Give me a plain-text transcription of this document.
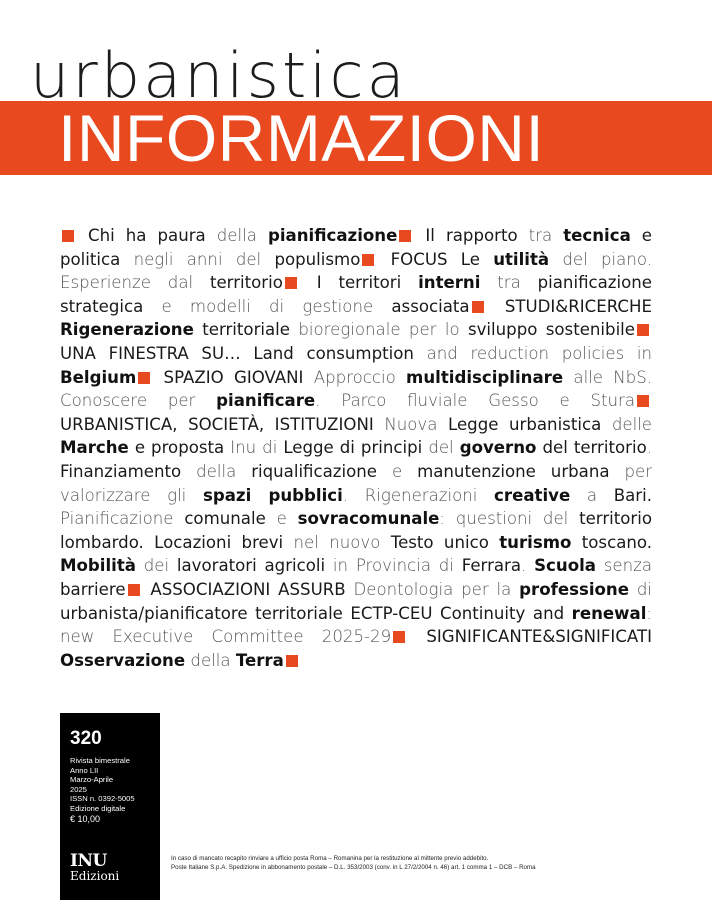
urbanistica
INFORMAZIONI
Chi ha paura della pianificazione Il rapporto tra tecnica e politica negli anni del populismo FOCUS Le utilità del piano. Esperienze dal territorio I territori interni tra pianificazione strategica e modelli di gestione associata STUDI&RICERCHE Rigenerazione territoriale bioregionale per lo sviluppo sostenibile UNA FINESTRA SU… Land consumption and reduction policies in Belgium SPAZIO GIOVANI Approccio multidisciplinare alle NbS. Conoscere per pianificare. Parco fluviale Gesso e Stura URBANISTICA, SOCIETÀ, ISTITUZIONI Nuova Legge urbanistica delle Marche e proposta Inu di Legge di principi del governo del territorio. Finanziamento della riqualificazione e manutenzione urbana per valorizzare gli spazi pubblici. Rigenerazioni creative a Bari. Pianificazione comunale e sovracomunale: questioni del territorio lombardo. Locazioni brevi nel nuovo Testo unico turismo toscano. Mobilità dei lavoratori agricoli in Provincia di Ferrara. Scuola senza barriere ASSOCIAZIONI ASSURB Deontologia per la professione di urbanista/pianificatore territoriale ECTP-CEU Continuity and renewal: new Executive Committee 2025-29 SIGNIFICANTE&SIGNIFICATI Osservazione della Terra
320
Rivista bimestrale
Anno LII
Marzo-Aprile
2025
ISSN n. 0392-5005
Edizione digitale
€ 10,00
INU
Edizioni
In caso di mancato recapito rinviare a ufficio posta Roma – Romanina per la restituzione al mittente previo addebito.
Poste Italiane S.p.A. Spedizione in abbonamento postale – D.L. 353/2003 (conv. in L 27/2/2004 n. 46) art. 1 comma 1 – DCB – Roma
